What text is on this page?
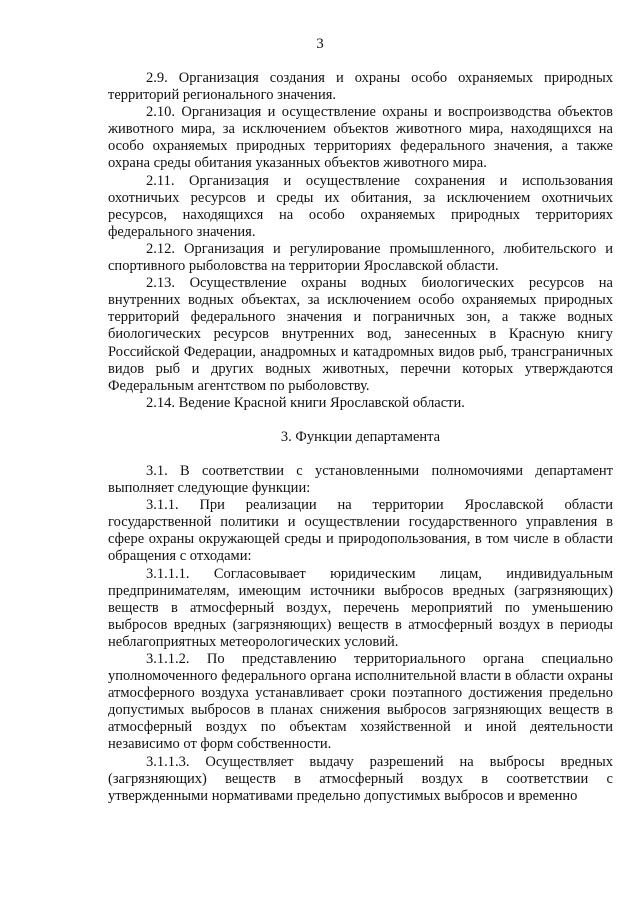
3

2.9. Организация создания и охраны особо охраняемых природных территорий регионального значения.

2.10. Организация и осуществление охраны и воспроизводства объектов животного мира, за исключением объектов животного мира, находящихся на особо охраняемых природных территориях федерального значения, а также охрана среды обитания указанных объектов животного мира.

2.11. Организация и осуществление сохранения и использования охотничьих ресурсов и среды их обитания, за исключением охотничьих ресурсов, находящихся на особо охраняемых природных территориях федерального значения.

2.12. Организация и регулирование промышленного, любительского и спортивного рыболовства на территории Ярославской области.

2.13. Осуществление охраны водных биологических ресурсов на внутренних водных объектах, за исключением особо охраняемых природных территорий федерального значения и пограничных зон, а также водных биологических ресурсов внутренних вод, занесенных в Красную книгу Российской Федерации, анадромных и катадромных видов рыб, трансграничных видов рыб и других водных животных, перечни которых утверждаются Федеральным агентством по рыболовству.

2.14. Ведение Красной книги Ярославской области.

3. Функции департамента

3.1. В соответствии с установленными полномочиями департамент выполняет следующие функции:

3.1.1. При реализации на территории Ярославской области государственной политики и осуществлении государственного управления в сфере охраны окружающей среды и природопользования, в том числе в области обращения с отходами:

3.1.1.1. Согласовывает юридическим лицам, индивидуальным предпринимателям, имеющим источники выбросов вредных (загрязняющих) веществ в атмосферный воздух, перечень мероприятий по уменьшению выбросов вредных (загрязняющих) веществ в атмосферный воздух в периоды неблагоприятных метеорологических условий.

3.1.1.2. По представлению территориального органа специально уполномоченного федерального органа исполнительной власти в области охраны атмосферного воздуха устанавливает сроки поэтапного достижения предельно допустимых выбросов в планах снижения выбросов загрязняющих веществ в атмосферный воздух по объектам хозяйственной и иной деятельности независимо от форм собственности.

3.1.1.3. Осуществляет выдачу разрешений на выбросы вредных (загрязняющих) веществ в атмосферный воздух в соответствии с утвержденными нормативами предельно допустимых выбросов и временно
